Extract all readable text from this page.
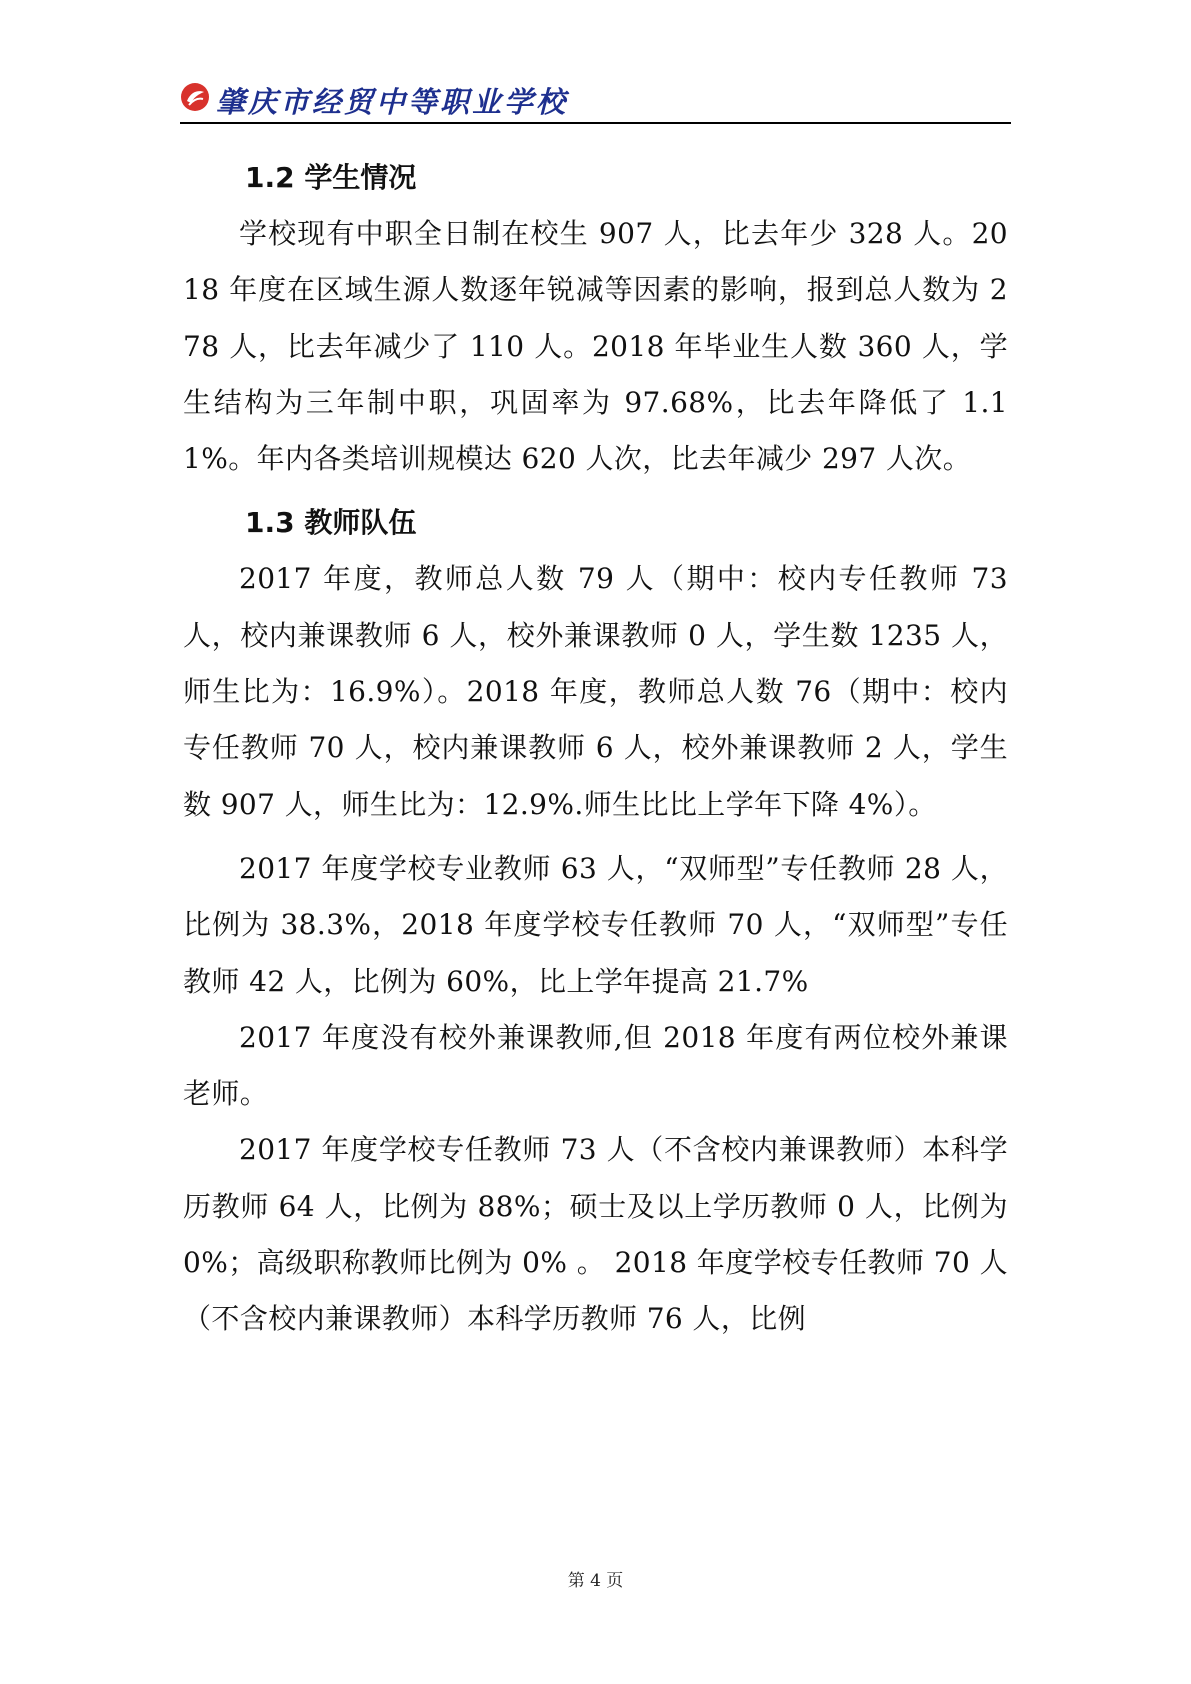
肇庆市经贸中等职业学校
1.2 学生情况

学校现有中职全日制在校生 907 人，比去年少 328 人。2018 年度在区域生源人数逐年锐减等因素的影响，报到总人数为 278 人，比去年减少了 110 人。2018 年毕业生人数 360 人，学生结构为三年制中职，巩固率为 97.68%，比去年降低了 1.11%。年内各类培训规模达 620 人次，比去年减少 297 人次。

1.3 教师队伍

2017 年度，教师总人数 79 人（期中：校内专任教师 73 人，校内兼课教师 6 人，校外兼课教师 0 人，学生数 1235 人，师生比为：16.9%）。2018 年度，教师总人数 76（期中：校内专任教师 70 人，校内兼课教师 6 人，校外兼课教师 2 人，学生数 907 人，师生比为：12.9%.师生比比上学年下降 4%）。

2017 年度学校专业教师 63 人，“双师型”专任教师 28 人，比例为 38.3%，2018 年度学校专任教师 70 人，“双师型”专任教师 42 人，比例为 60%，比上学年提高 21.7%

2017 年度没有校外兼课教师,但 2018 年度有两位校外兼课老师。

2017 年度学校专任教师 73 人（不含校内兼课教师）本科学历教师 64 人，比例为 88%；硕士及以上学历教师 0 人，比例为 0%；高级职称教师比例为 0% 。 2018 年度学校专任教师 70 人（不含校内兼课教师）本科学历教师 76 人，比例

第 4 页
